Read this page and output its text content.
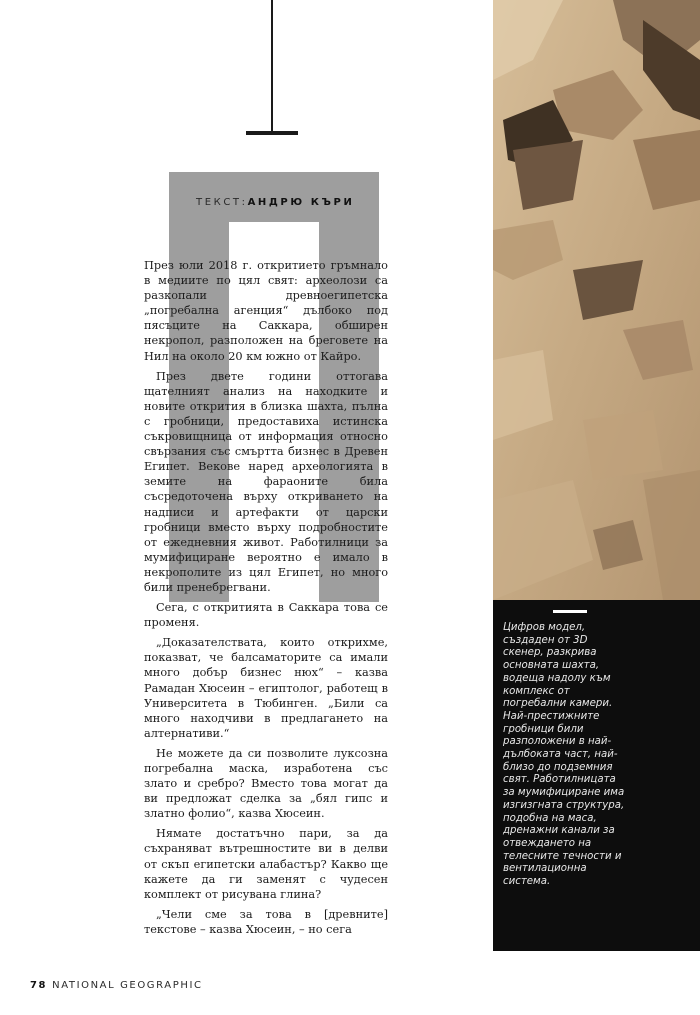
ТЕКСТ:АНДРЮ КЪРИ

През юли 2018 г. откритието гръмнало в медиите по цял свят: археолози са разкопали древноегипетска „погребална агенция“ дълбоко под пясъците на Саккара, обширен некропол, разположен на бреговете на Нил на около 20 км южно от Кайро.

През двете години оттогава щателният анализ на находките и новите открития в близка шахта, пълна с гробници, предоставиха истинска съкровищница от информация относно свързания със смъртта бизнес в Древен Египет. Векове наред археологията в земите на фараоните била съсредоточена върху откриването на надписи и артефакти от царски гробници вместо върху подробностите от ежедневния живот. Работилници за мумифициране вероятно е имало в некрополите из цял Египет, но много били пренебрегвани.

Сега, с откритията в Саккара това се променя.

„Доказателствата, които открихме, показват, че балсаматорите са имали много добър бизнес нюх“ – казва Рамадан Хюсеин – египтолог, работещ в Университета в Тюбинген. „Били са много находчиви в предлагането на алтернативи.“

Не можете да си позволите луксозна погребална маска, изработена със злато и сребро? Вместо това могат да ви предложат сделка за „бял гипс и златно фолио“, казва Хюсеин.

Нямате достатъчно пари, за да съхраняват вътрешностите ви в делви от скъп египетски алабастър? Какво ще кажете да ги заменят с чудесен комплект от рисувана глина?

„Чели сме за това в [древните] текстове – казва Хюсеин, – но сега

Цифров модел, създаден от 3D скенер, разкрива основната шахта, водеща надолу към комплекс от погребални камери. Най-престижните гробници били разположени в най-дълбоката част, най-близо до подземния свят. Работилницата за мумифициране има изгизгната структура, подобна на маса, дренажни канали за отвеждането на телесните течности и вентилационна система.
78 NATIONAL GEOGRAPHIC
